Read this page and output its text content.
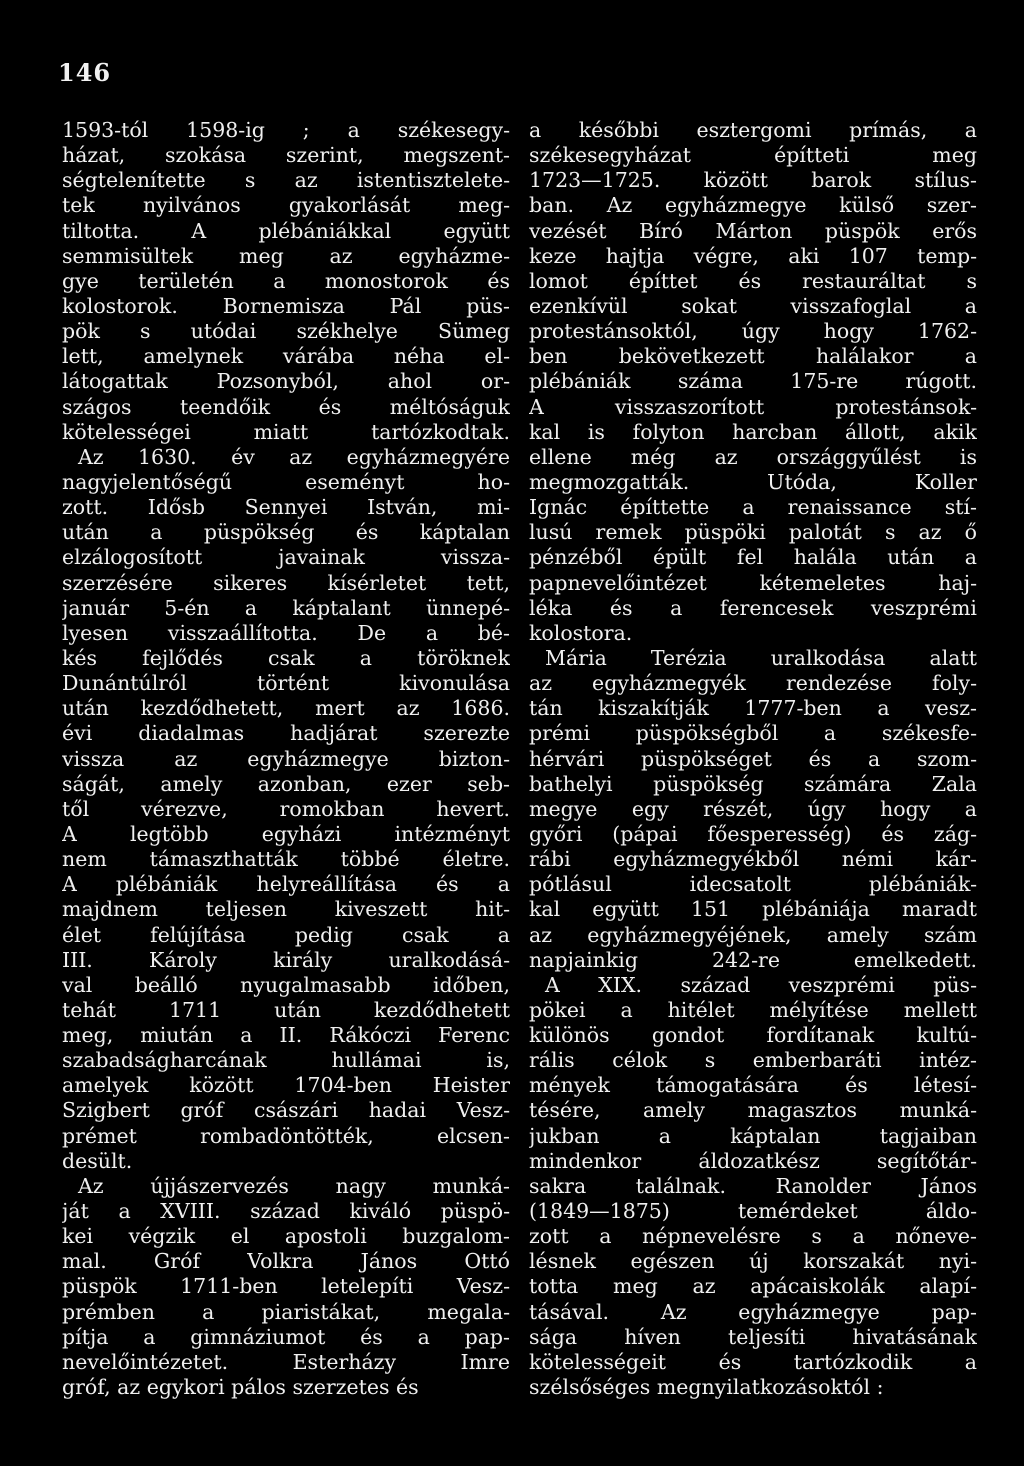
146
1593-tól 1598-ig ; a székesegy-
házat, szokása szerint, megszent-
ségtelenítette s az istentisztelete-
tek nyilvános gyakorlását meg-
tiltotta. A plébániákkal együtt
semmisültek meg az egyházme-
gye területén a monostorok és
kolostorok. Bornemisza Pál püs-
pök s utódai székhelye Sümeg
lett, amelynek várába néha el-
látogattak Pozsonyból, ahol or-
szágos teendőik és méltóságuk
kötelességei miatt tartózkodtak.
Az 1630. év az egyházmegyére
nagyjelentőségű eseményt ho-
zott. Idősb Sennyei István, mi-
után a püspökség és káptalan
elzálogosított javainak vissza-
szerzésére sikeres kísérletet tett,
január 5-én a káptalant ünnepé-
lyesen visszaállította. De a bé-
kés fejlődés csak a töröknek
Dunántúlról történt kivonulása
után kezdődhetett, mert az 1686.
évi diadalmas hadjárat szerezte
vissza az egyházmegye bizton-
ságát, amely azonban, ezer seb-
től vérezve, romokban hevert.
A legtöbb egyházi intézményt
nem támaszthatták többé életre.
A plébániák helyreállítása és a
majdnem teljesen kiveszett hit-
élet felújítása pedig csak a
III. Károly király uralkodásá-
val beálló nyugalmasabb időben,
tehát 1711 után kezdődhetett
meg, miután a II. Rákóczi Ferenc
szabadságharcának hullámai is,
amelyek között 1704-ben Heister
Szigbert gróf császári hadai Vesz-
prémet rombadöntötték, elcsen-
desült.
Az újjászervezés nagy munká-
ját a XVIII. század kiváló püspö-
kei végzik el apostoli buzgalom-
mal. Gróf Volkra János Ottó
püspök 1711-ben letelepíti Vesz-
prémben a piaristákat, megala-
pítja a gimnáziumot és a pap-
nevelőintézetet. Esterházy Imre
gróf, az egykori pálos szerzetes és
a későbbi esztergomi prímás, a
székesegyházat építteti meg
1723—1725. között barok stílus-
ban. Az egyházmegye külső szer-
vezését Bíró Márton püspök erős
keze hajtja végre, aki 107 temp-
lomot építtet és restauráltat s
ezenkívül sokat visszafoglal a
protestánsoktól, úgy hogy 1762-
ben bekövetkezett halálakor a
plébániák száma 175-re rúgott.
A visszaszorított protestánsok-
kal is folyton harcban állott, akik
ellene még az országgyűlést is
megmozgatták. Utóda, Koller
Ignác építtette a renaissance stí-
lusú remek püspöki palotát s az ő
pénzéből épült fel halála után a
papnevelőintézet kétemeletes haj-
léka és a ferencesek veszprémi
kolostora.
Mária Terézia uralkodása alatt
az egyházmegyék rendezése foly-
tán kiszakítják 1777-ben a vesz-
prémi püspökségből a székesfe-
hérvári püspökséget és a szom-
bathelyi püspökség számára Zala
megye egy részét, úgy hogy a
győri (pápai főesperesség) és zág-
rábi egyházmegyékből némi kár-
pótlásul idecsatolt plébániák-
kal együtt 151 plébániája maradt
az egyházmegyéjének, amely szám
napjainkig 242-re emelkedett.
A XIX. század veszprémi püs-
pökei a hitélet mélyítése mellett
különös gondot fordítanak kultú-
rális célok s emberbaráti intéz-
mények támogatására és létesí-
tésére, amely magasztos munká-
jukban a káptalan tagjaiban
mindenkor áldozatkész segítőtár-
sakra találnak. Ranolder János
(1849—1875) temérdeket áldo-
zott a népnevelésre s a nőneve-
lésnek egészen új korszakát nyi-
totta meg az apácaiskolák alapí-
tásával. Az egyházmegye pap-
sága híven teljesíti hivatásának
kötelességeit és tartózkodik a
szélsőséges megnyilatkozásoktól :
